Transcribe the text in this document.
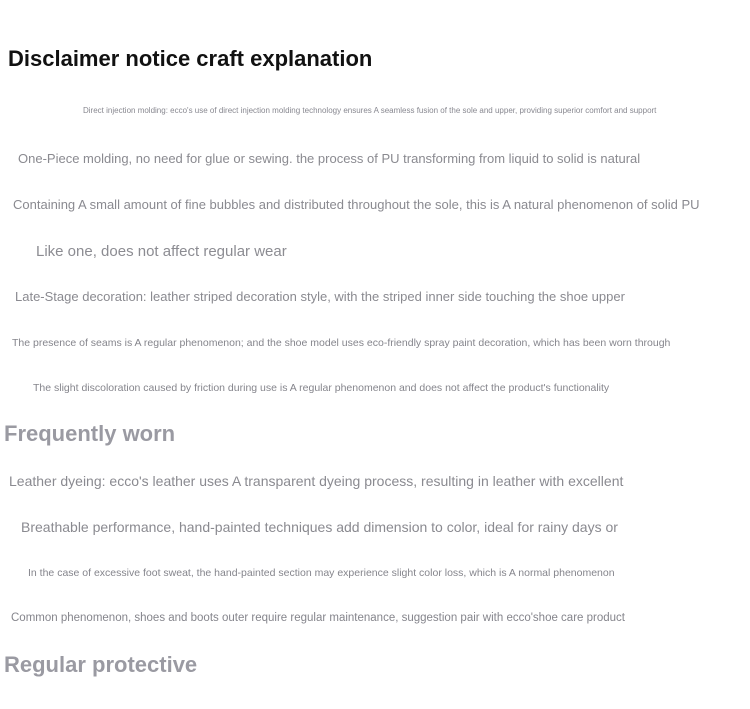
Disclaimer notice craft explanation
Direct injection molding: ecco's use of direct injection molding technology ensures A seamless fusion of the sole and upper, providing superior comfort and support
One-Piece molding, no need for glue or sewing. the process of PU transforming from liquid to solid is natural
Containing A small amount of fine bubbles and distributed throughout the sole, this is A natural phenomenon of solid PU
Like one, does not affect regular wear
Late-Stage decoration: leather striped decoration style, with the striped inner side touching the shoe upper
The presence of seams is A regular phenomenon; and the shoe model uses eco-friendly spray paint decoration, which has been worn through
The slight discoloration caused by friction during use is A regular phenomenon and does not affect the product's functionality
Frequently worn
Leather dyeing: ecco's leather uses A transparent dyeing process, resulting in leather with excellent
Breathable performance, hand-painted techniques add dimension to color, ideal for rainy days or
In the case of excessive foot sweat, the hand-painted section may experience slight color loss, which is A normal phenomenon
Common phenomenon, shoes and boots outer require regular maintenance, suggestion pair with ecco'shoe care product
Regular protective
